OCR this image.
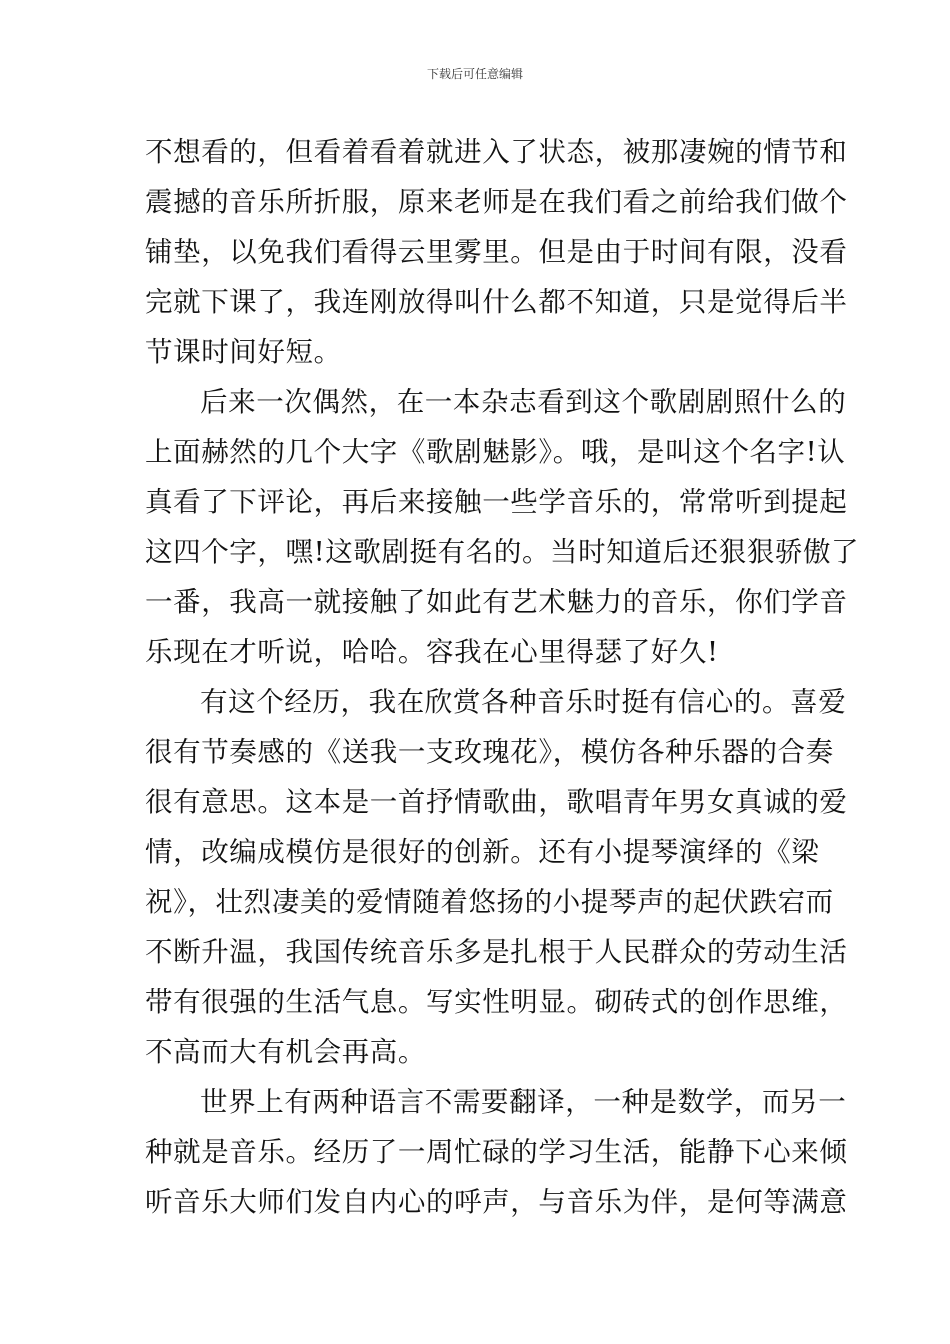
下载后可任意编辑
不想看的，但看着看着就进入了状态，被那凄婉的情节和
震撼的音乐所折服，原来老师是在我们看之前给我们做个
铺垫，以免我们看得云里雾里。但是由于时间有限，没看
完就下课了，我连刚放得叫什么都不知道，只是觉得后半
节课时间好短。
后来一次偶然，在一本杂志看到这个歌剧剧照什么的
上面赫然的几个大字《歌剧魅影》。哦，是叫这个名字!认
真看了下评论，再后来接触一些学音乐的，常常听到提起
这四个字，嘿!这歌剧挺有名的。当时知道后还狠狠骄傲了
一番，我高一就接触了如此有艺术魅力的音乐，你们学音
乐现在才听说，哈哈。容我在心里得瑟了好久!
有这个经历，我在欣赏各种音乐时挺有信心的。喜爱
很有节奏感的《送我一支玫瑰花》，模仿各种乐器的合奏
很有意思。这本是一首抒情歌曲，歌唱青年男女真诚的爱
情，改编成模仿是很好的创新。还有小提琴演绎的《梁
祝》，壮烈凄美的爱情随着悠扬的小提琴声的起伏跌宕而
不断升温，我国传统音乐多是扎根于人民群众的劳动生活
带有很强的生活气息。写实性明显。砌砖式的创作思维，
不高而大有机会再高。
世界上有两种语言不需要翻译，一种是数学，而另一
种就是音乐。经历了一周忙碌的学习生活，能静下心来倾
听音乐大师们发自内心的呼声，与音乐为伴，是何等满意
